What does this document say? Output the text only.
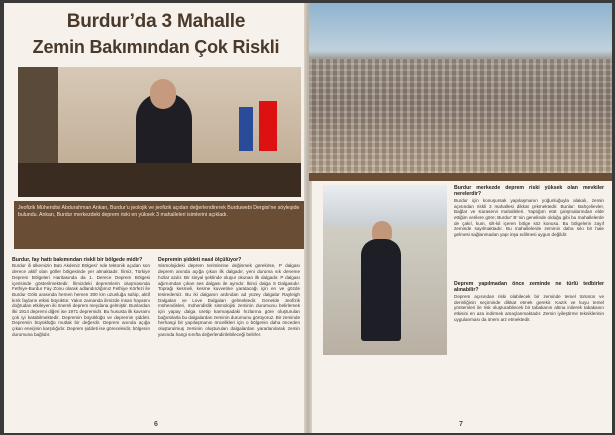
Burdur’da 3 Mahalle
Zemin Bakımından Çok Riskli
Jeofizik Mühendisi Abdurahman Ankan, Burdur’u jeolojik ve jeofizik açıdan değerlendirerek Burduwebi Dergisi’ne söyleşide bulundu. Ankan, Burdur merkezdeki deprem riski en yüksek 3 mahalleleri isimlerini açıkladı.
Burdur, fay hattı bakımından riskli bir bölgede midir?
Burdur ili ülkemizin Batı Akdeniz Bölgesi’ nde tektonik açıdan son derece aktif olan göller bölgesinde yer almaktadır. İlimiz, Türkiye Deprem Bölgeleri Haritasında da 1. Derece Deprem Bölgesi içerisinde gösterilmektedir. İlimizdeki depremlerin oluşmasında Fethiye-Burdur Fay Zonu olarak adlandırdığımız Fethiye Körfezi ile Burdur Gölü arasında hemen hemen 300 km uzunluğa sahip, aktif kırık fayların etkisi büyüktür. Yakın zamanda ilimizde insan hayatını doğrudan etkileyen iki önemli deprem meydana gelmiştir. Bunlardan ilki 1914 depremi diğeri ise 1971 depremidir. Bu hususta ilk kavramı çok iyi katabilmektedir. Depremin büyüklüğü ve depremin şiddeti. Depremin büyüklüğü mutlak bir değerdir. Deprem anında açığa çıkan enerjinin karşılığıdır. Deprem şiddeti ise göreceleidir, bölgenin durumuna bağlıdır.
Depremin şiddeti nasıl ölçülüyor?
Sismolojideki deprem terimlerine değinmek gerekirse, P dalgası deprem anında açığa çıkan ilk dalgadır, yeni duruma sık deneme hızlar azdır. Bir sinyal şeklinde oluşur okunan ilk dalgadır. P dalgası ağırnımdan çıkan ses dalgası ile aynıdır. İkinci dalga S Dalgasıdır. Toprağı kesmeli, kesme kuvvetine yaratacağı için en ve gözde tesiredersiz. Bu iki dalganın ardından ad yüzey dalgalar Rayleigh Dalgaları ve Love Dalgaları gelmektedir. Genelde Jeofizik mühendisleri, mühendislik sismolojisi zeminin durumunu belirlemek için yapay dalga üretip karmaşadaki hızlarına göre oluşturulan bağıntılarla bu dalgalardan zeminin durumunu görüyoruz. Bir zeminde herhangi bir yapılaşmanın öncelikleri için o bölgenin daha önceden oluşturulmuş zeminin oluşturulan dalgalardan yararlanılarak zemin yanında hangi sınıfta değerlendirilebileceği belirler.
6
Burdur merkezde deprem riski yüksek olan mevkiler nerelerdir?
Burdur için konuşursak yapılaşmanın yoğunluğuyla alakalı, zemin açısından riskli 3 mahallesi dikkat çekmektedir. Bunlar: Bahçelievler, Bağlar ve Karaservi mahalleleri. Yaptığım etüt çalışmalarından elde ettiğim verilere göre; Burdur’ B’ nin genelinde olduğu gibi bu mahallelerde de çakıl, kum, silt-kil içeren bölge söz konusu. Bu bölgelerin zayıf zeminde sayılmaktadır. Bu mahallelerde zeminin daha sıkı bir hale gelmesi sağlanmadan yapı inşa edilmesi uygun değildir.
Deprem yapılmadan önce zeminde ne türlü tedbirler alınabilir?
Deprem açısından riski olabilecek bir zeminde temel türünün ve derinliğinin seçiminde dikkat etmek gerekir. Kazık ve kuyu temel yöntemleri ile risk oluşturabilecek bir tabakanın altına inilerek tabakanın etkisini en aza indirmek amaçlanmaktadır. Zemin iyileştirme tekniklerinin uygulanması da önem arz etmektedir.
7
